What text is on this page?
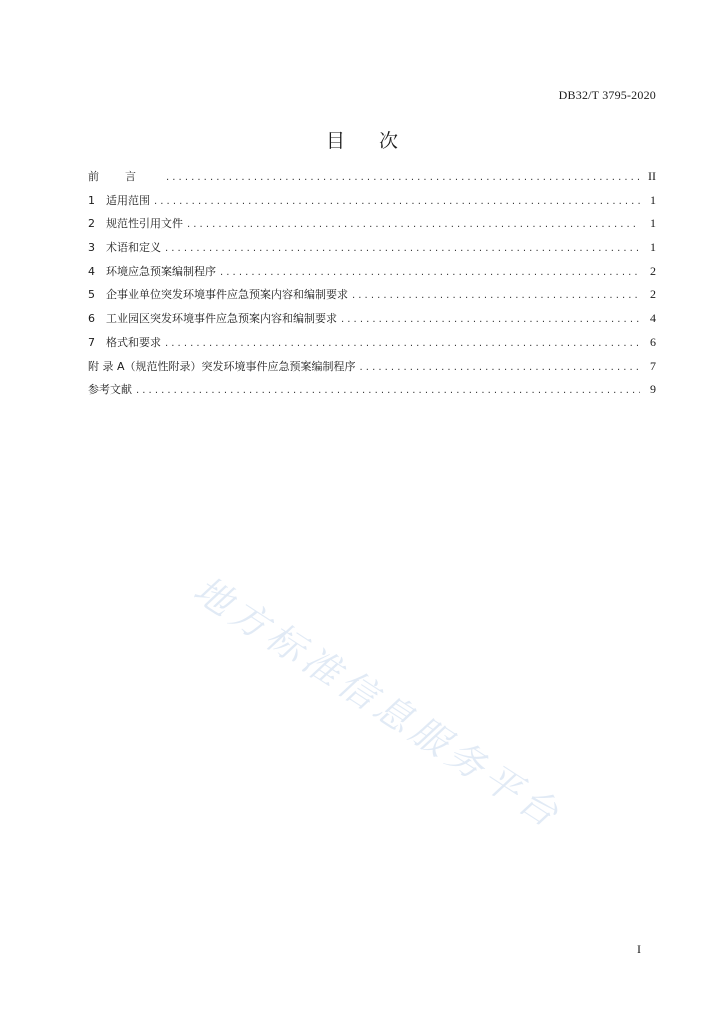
DB32/T 3795-2020
目次
前言 .....	II
1	适用范围 .....	1
2	规范性引用文件 .....	1
3	术语和定义 .....	1
4	环境应急预案编制程序 .....	2
5	企事业单位突发环境事件应急预案内容和编制要求 .....	2
6	工业园区突发环境事件应急预案内容和编制要求 .....	4
7	格式和要求 .....	6
附 录 A（规范性附录）突发环境事件应急预案编制程序 .....	7
参考文献 .....	9
地方标准信息服务平台
I
